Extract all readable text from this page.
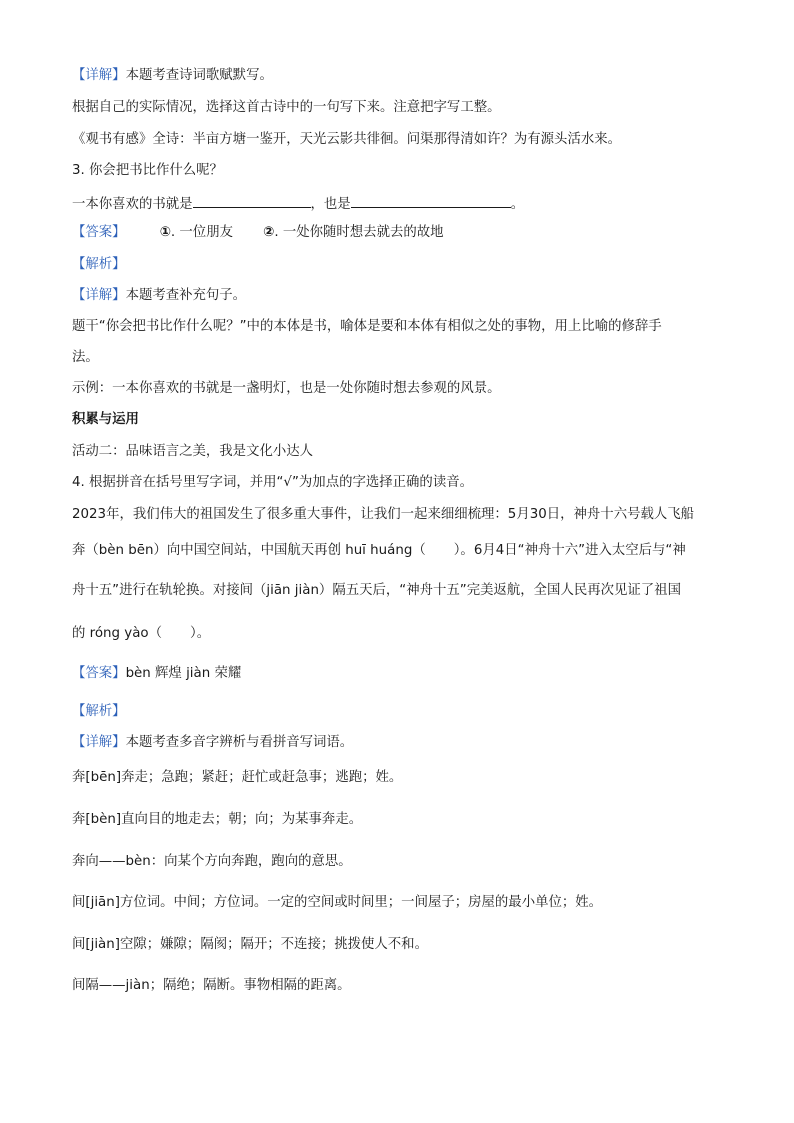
【详解】本题考查诗词歌赋默写。
根据自己的实际情况，选择这首古诗中的一句写下来。注意把字写工整。
《观书有感》全诗：半亩方塘一鉴开，天光云影共徘徊。问渠那得清如许？为有源头活水来。
3. 你会把书比作什么呢？
一本你喜欢的书就是	，也是	。
【答案】	①. 一位朋友 ②. 一处你随时想去就去的故地
【解析】
【详解】本题考查补充句子。
题干“你会把书比作什么呢？”中的本体是书，喻体是要和本体有相似之处的事物，用上比喻的修辞手
法。
示例：一本你喜欢的书就是一盏明灯，也是一处你随时想去参观的风景。
积累与运用
活动二：品味语言之美，我是文化小达人
4. 根据拼音在括号里写字词，并用“√”为加点的字选择正确的读音。
2023年，我们伟大的祖国发生了很多重大事件，让我们一起来细细梳理：5月30日，神舟十六号载人飞船
奔（bèn bēn）向中国空间站，中国航天再创 huī huáng（ ）。6月4日“神舟十六”进入太空后与“神
舟十五”进行在轨轮换。对接间（jiān jiàn）隔五天后，“神舟十五”完美返航，全国人民再次见证了祖国
的 róng yào（ ）。
【答案】bèn 辉煌 jiàn 荣耀
【解析】
【详解】本题考查多音字辨析与看拼音写词语。
奔[bēn]奔走；急跑；紧赶；赶忙或赶急事；逃跑；姓。
奔[bèn]直向目的地走去；朝；向；为某事奔走。
奔向——bèn：向某个方向奔跑，跑向的意思。
间[jiān]方位词。中间；方位词。一定的空间或时间里；一间屋子；房屋的最小单位；姓。
间[jiàn]空隙；嫌隙；隔阂；隔开；不连接；挑拨使人不和。
间隔——jiàn；隔绝；隔断。事物相隔的距离。
